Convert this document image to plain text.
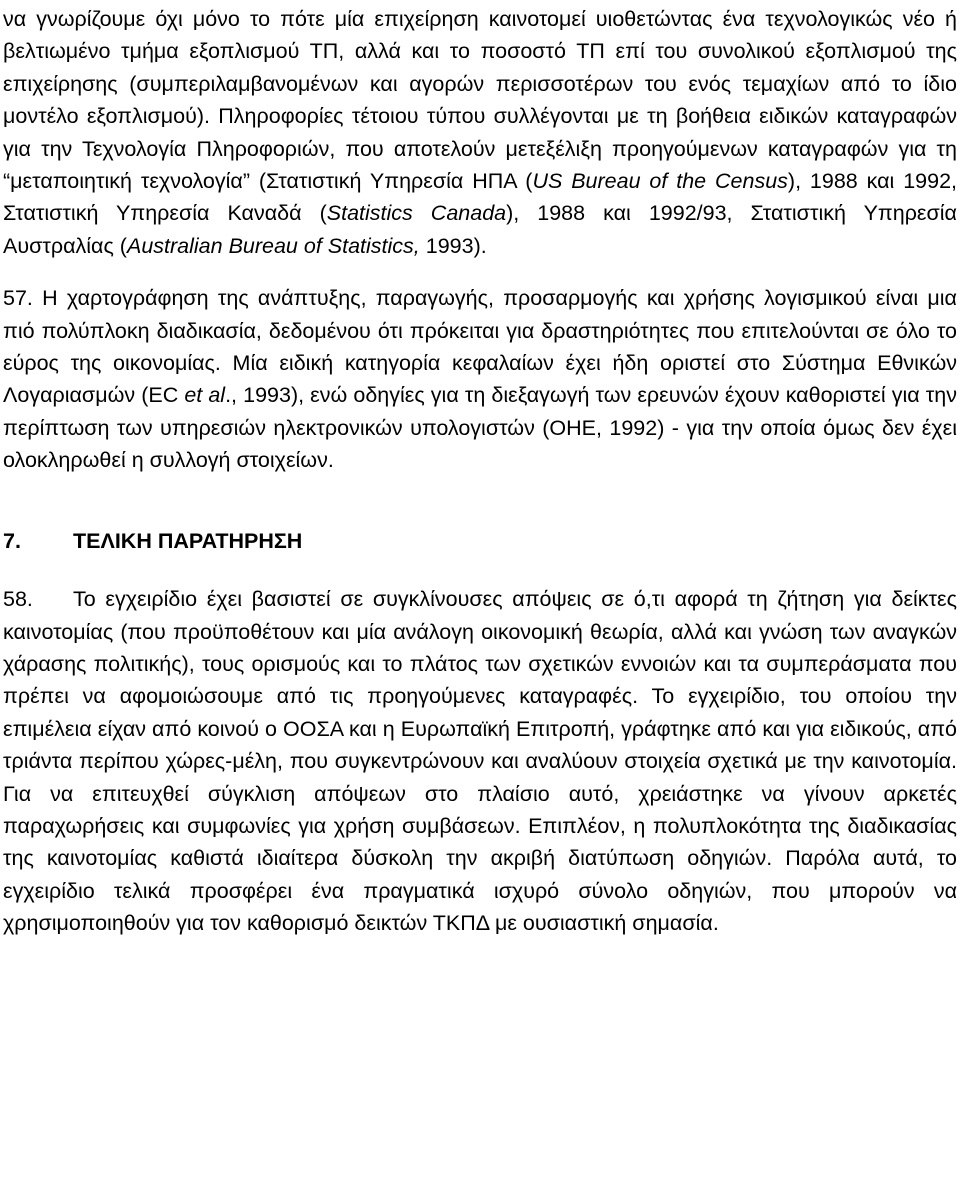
να γνωρίζουμε όχι μόνο το πότε μία επιχείρηση καινοτομεί υιοθετώντας ένα τεχνολογικώς νέο ή βελτιωμένο τμήμα εξοπλισμού ΤΠ, αλλά και το ποσοστό ΤΠ επί του συνολικού εξοπλισμού της επιχείρησης (συμπεριλαμβανομένων και αγορών περισσοτέρων του ενός τεμαχίων από το ίδιο μοντέλο εξοπλισμού). Πληροφορίες τέτοιου τύπου συλλέγονται με τη βοήθεια ειδικών καταγραφών για την Τεχνολογία Πληροφοριών, που αποτελούν μετεξέλιξη προηγούμενων καταγραφών για τη “μεταποιητική τεχνολογία” (Στατιστική Υπηρεσία ΗΠΑ (US Bureau of the Census), 1988 και 1992, Στατιστική Υπηρεσία Καναδά (Statistics Canada), 1988 και 1992/93, Στατιστική Υπηρεσία Αυστραλίας (Australian Bureau of Statistics, 1993).

57. Η χαρτογράφηση της ανάπτυξης, παραγωγής, προσαρμογής και χρήσης λογισμικού είναι μια πιό πολύπλοκη διαδικασία, δεδομένου ότι πρόκειται για δραστηριότητες που επιτελούνται σε όλο το εύρος της οικονομίας. Μία ειδική κατηγορία κεφαλαίων έχει ήδη οριστεί στο Σύστημα Εθνικών Λογαριασμών (EC et al., 1993), ενώ οδηγίες για τη διεξαγωγή των ερευνών έχουν καθοριστεί για την περίπτωση των υπηρεσιών ηλεκτρονικών υπολογιστών (ΟΗΕ, 1992) - για την οποία όμως δεν έχει ολοκληρωθεί η συλλογή στοιχείων.

7. ΤΕΛΙΚΗ ΠΑΡΑΤΗΡΗΣΗ

58. Το εγχειρίδιο έχει βασιστεί σε συγκλίνουσες απόψεις σε ό,τι αφορά τη ζήτηση για δείκτες καινοτομίας (που προϋποθέτουν και μία ανάλογη οικονομική θεωρία, αλλά και γνώση των αναγκών χάρασης πολιτικής), τους ορισμούς και το πλάτος των σχετικών εννοιών και τα συμπεράσματα που πρέπει να αφομοιώσουμε από τις προηγούμενες καταγραφές. Το εγχειρίδιο, του οποίου την επιμέλεια είχαν από κοινού ο ΟΟΣΑ και η Ευρωπαϊκή Επιτροπή, γράφτηκε από και για ειδικούς, από τριάντα περίπου χώρες-μέλη, που συγκεντρώνουν και αναλύουν στοιχεία σχετικά με την καινοτομία. Για να επιτευχθεί σύγκλιση απόψεων στο πλαίσιο αυτό, χρειάστηκε να γίνουν αρκετές παραχωρήσεις και συμφωνίες για χρήση συμβάσεων. Επιπλέον, η πολυπλοκότητα της διαδικασίας της καινοτομίας καθιστά ιδιαίτερα δύσκολη την ακριβή διατύπωση οδηγιών. Παρόλα αυτά, το εγχειρίδιο τελικά προσφέρει ένα πραγματικά ισχυρό σύνολο οδηγιών, που μπορούν να χρησιμοποιηθούν για τον καθορισμό δεικτών ΤΚΠΔ με ουσιαστική σημασία.
